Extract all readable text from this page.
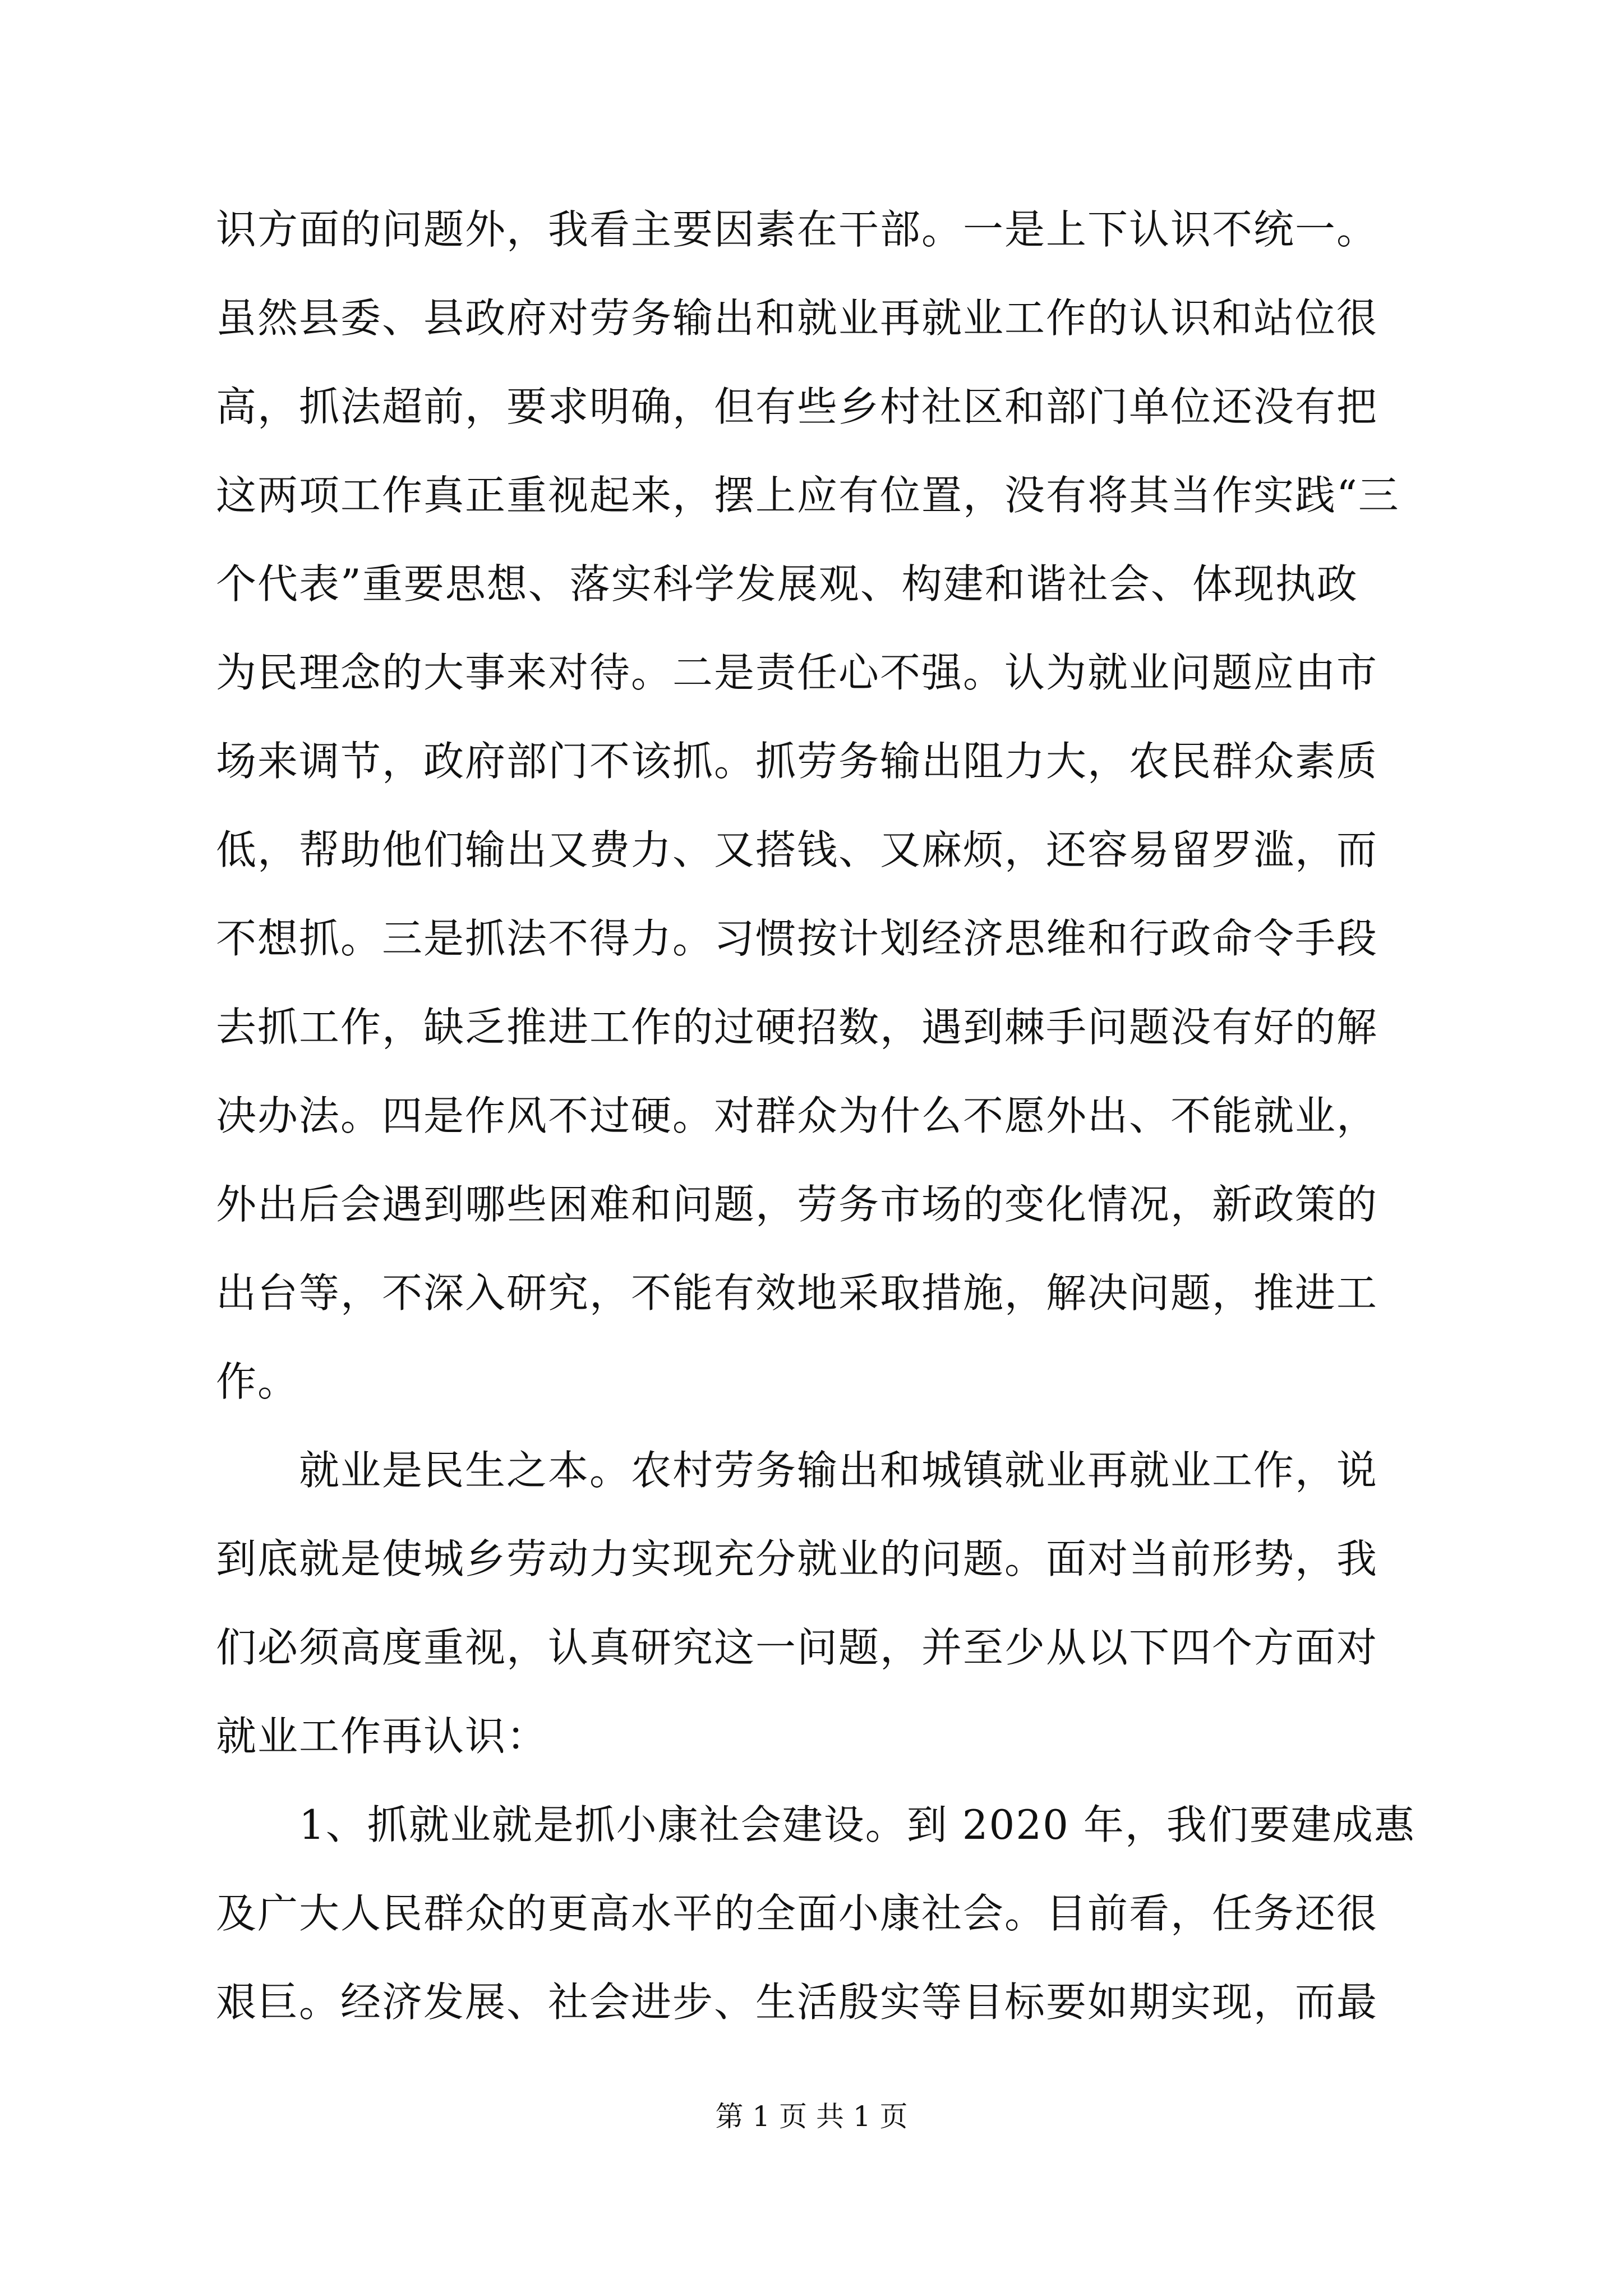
识方面的问题外，我看主要因素在干部。一是上下认识不统一。
虽然县委、县政府对劳务输出和就业再就业工作的认识和站位很
高，抓法超前，要求明确，但有些乡村社区和部门单位还没有把
这两项工作真正重视起来，摆上应有位置，没有将其当作实践“三
个代表”重要思想、落实科学发展观、构建和谐社会、体现执政
为民理念的大事来对待。二是责任心不强。认为就业问题应由市
场来调节，政府部门不该抓。抓劳务输出阻力大，农民群众素质
低，帮助他们输出又费力、又搭钱、又麻烦，还容易留罗滥，而
不想抓。三是抓法不得力。习惯按计划经济思维和行政命令手段
去抓工作，缺乏推进工作的过硬招数，遇到棘手问题没有好的解
决办法。四是作风不过硬。对群众为什么不愿外出、不能就业，
外出后会遇到哪些困难和问题，劳务市场的变化情况，新政策的
出台等，不深入研究，不能有效地采取措施，解决问题，推进工
作。
　　就业是民生之本。农村劳务输出和城镇就业再就业工作，说
到底就是使城乡劳动力实现充分就业的问题。面对当前形势，我
们必须高度重视，认真研究这一问题，并至少从以下四个方面对
就业工作再认识：
　　1、抓就业就是抓小康社会建设。到 2020 年，我们要建成惠
及广大人民群众的更高水平的全面小康社会。目前看，任务还很
艰巨。经济发展、社会进步、生活殷实等目标要如期实现，而最
第 1 页 共 1 页
